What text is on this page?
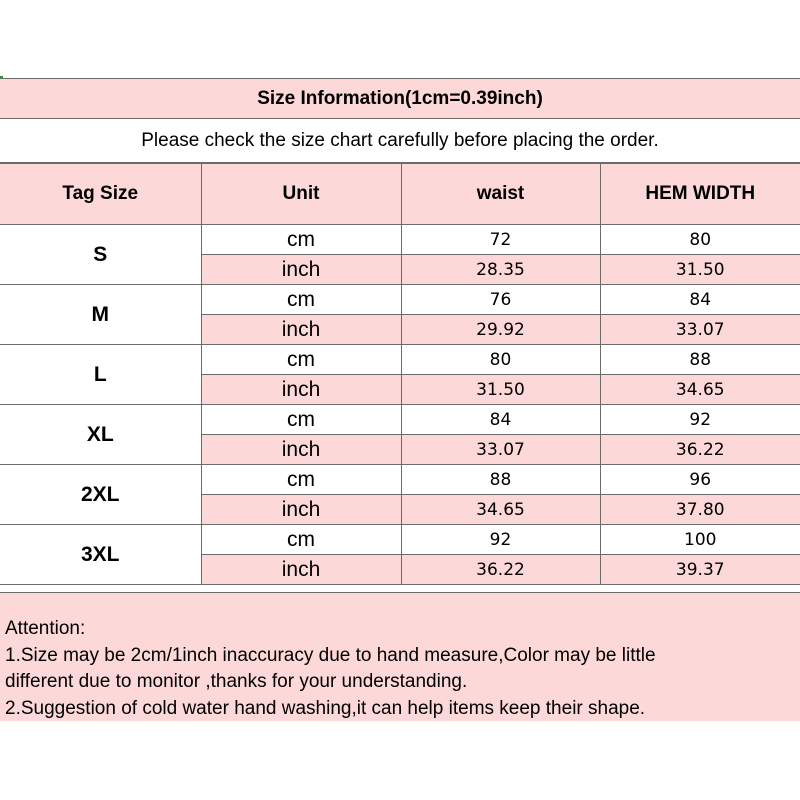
Size Information(1cm=0.39inch)
Please check the size chart carefully before placing the order.
Tag Size	Unit	waist	HEM WIDTH
S	cm	72	80
	inch	28.35	31.50
M	cm	76	84
	inch	29.92	33.07
L	cm	80	88
	inch	31.50	34.65
XL	cm	84	92
	inch	33.07	36.22
2XL	cm	88	96
	inch	34.65	37.80
3XL	cm	92	100
	inch	36.22	39.37
Attention:
1.Size may be 2cm/1inch inaccuracy due to hand measure,Color may be little
different due to monitor ,thanks for your understanding.
2.Suggestion of cold water hand washing,it can help items keep their shape.
